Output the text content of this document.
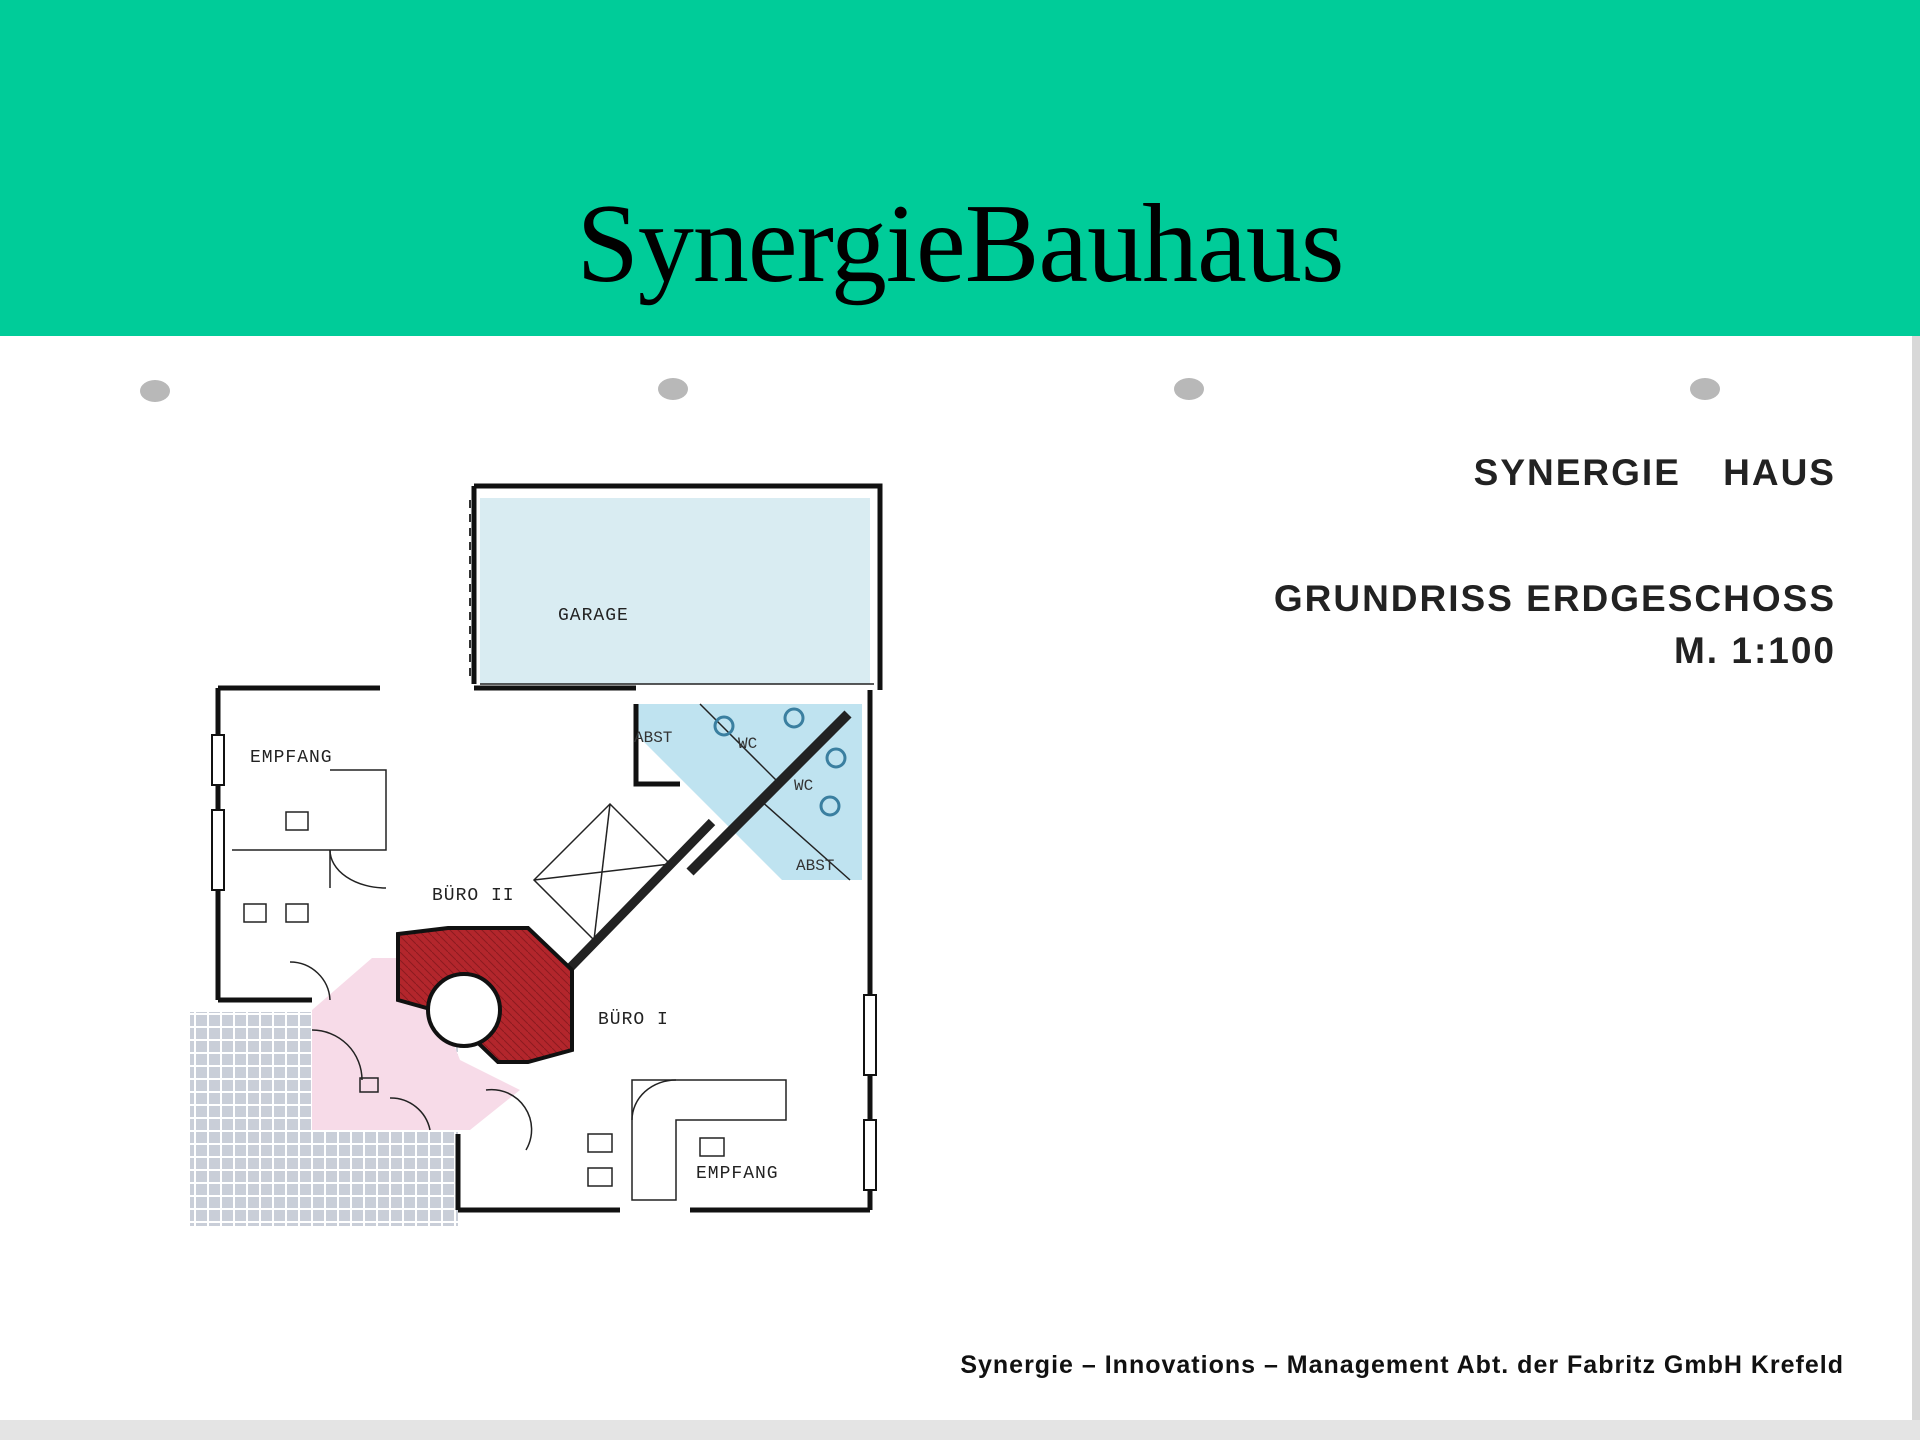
SynergieBauhaus
SYNERGIE HAUS
GRUNDRISS ERDGESCHOSS
M. 1:100
GARAGE
EMPFANG
BÜRO II
BÜRO I
EMPFANG
ABST
ABST
WC
WC
Synergie – Innovations – Management Abt. der Fabritz GmbH Krefeld
